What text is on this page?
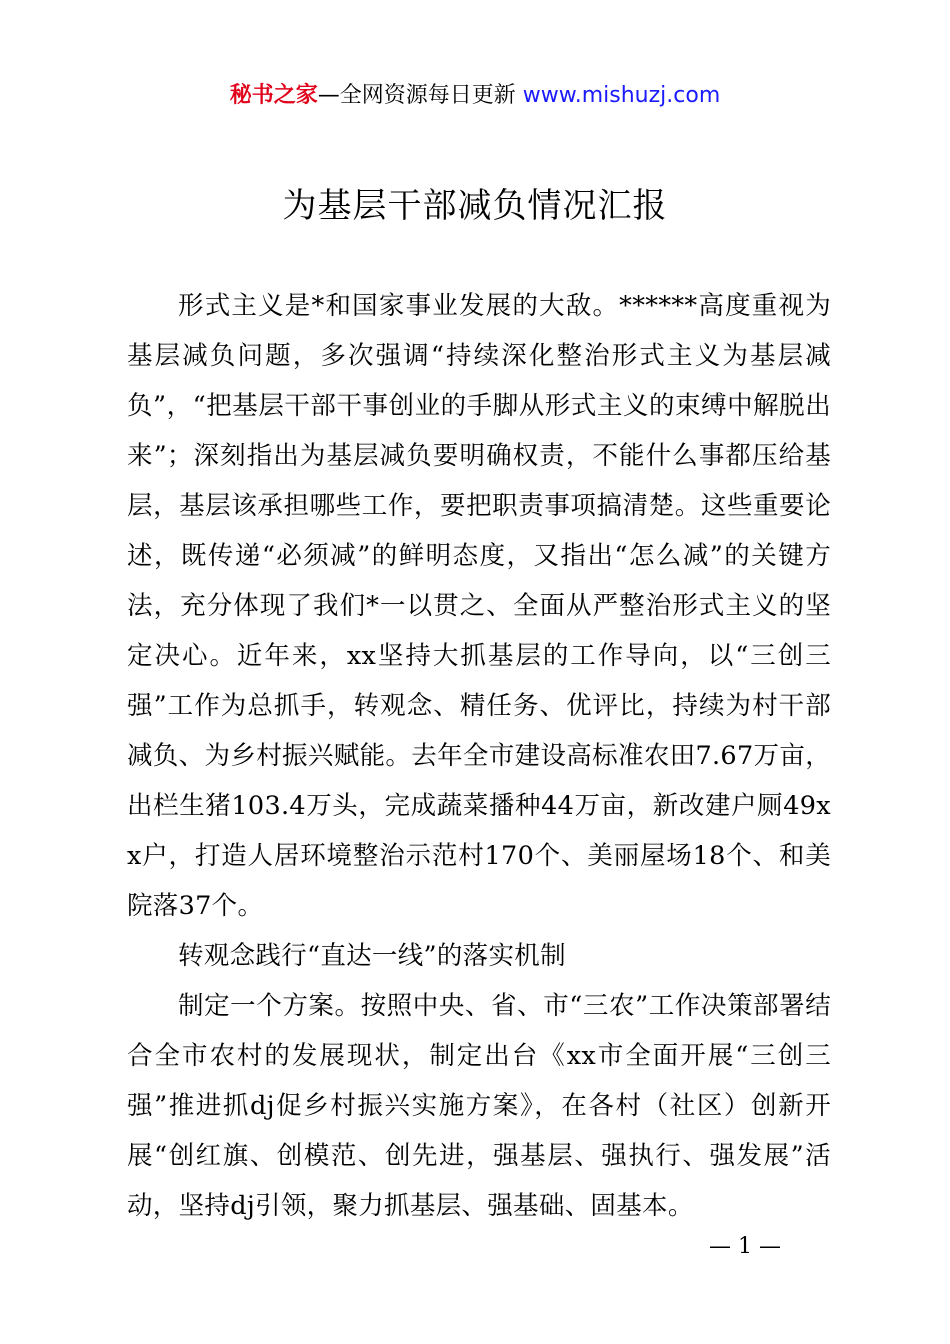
秘书之家—全网资源每日更新 www.mishuzj.com
为基层干部减负情况汇报

形式主义是*和国家事业发展的大敌。******高度重视为基层减负问题，多次强调“持续深化整治形式主义为基层减负”，“把基层干部干事创业的手脚从形式主义的束缚中解脱出来”；深刻指出为基层减负要明确权责，不能什么事都压给基层，基层该承担哪些工作，要把职责事项搞清楚。这些重要论述，既传递“必须减”的鲜明态度，又指出“怎么减”的关键方法，充分体现了我们*一以贯之、全面从严整治形式主义的坚定决心。近年来，xx坚持大抓基层的工作导向，以“三创三强”工作为总抓手，转观念、精任务、优评比，持续为村干部减负、为乡村振兴赋能。去年全市建设高标准农田7.67万亩，出栏生猪103.4万头，完成蔬菜播种44万亩，新改建户厕49xx户，打造人居环境整治示范村170个、美丽屋场18个、和美院落37个。

转观念践行“直达一线”的落实机制

制定一个方案。按照中央、省、市“三农”工作决策部署结合全市农村的发展现状，制定出台《xx市全面开展“三创三强”推进抓dj促乡村振兴实施方案》，在各村（社区）创新开展“创红旗、创模范、创先进，强基层、强执行、强发展”活动，坚持dj引领，聚力抓基层、强基础、固基本。

— 1 —
